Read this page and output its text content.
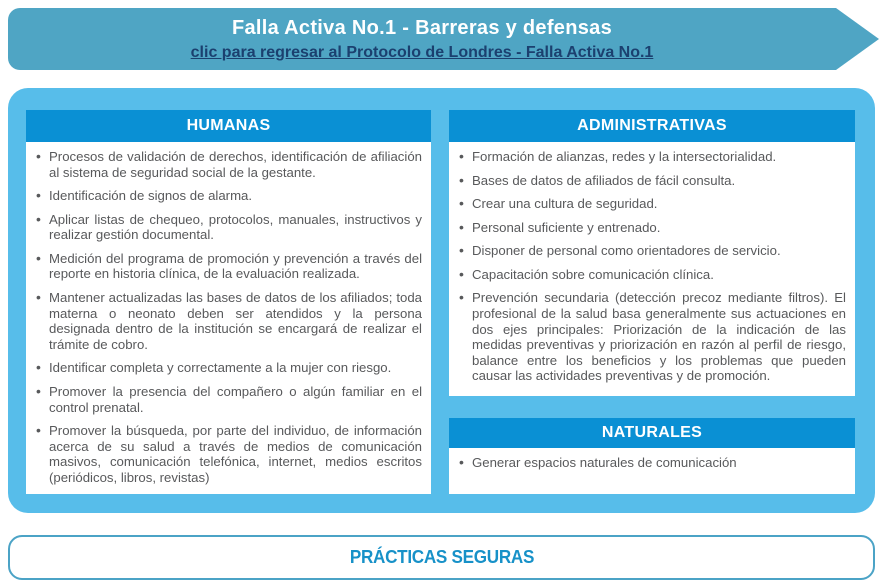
Falla Activa No.1 - Barreras y defensas
clic para regresar al Protocolo de Londres - Falla Activa No.1
HUMANAS
• Procesos de validación de derechos, identificación de afiliación al sistema de seguridad social de la gestante.
• Identificación de signos de alarma.
• Aplicar listas de chequeo, protocolos, manuales, instructivos y realizar gestión documental.
• Medición del programa de promoción y prevención a través del reporte en historia clínica, de la evaluación realizada.
• Mantener actualizadas las bases de datos de los afiliados; toda materna o neonato deben ser atendidos y la persona designada dentro de la institución se encargará de realizar el trámite de cobro.
• Identificar completa y correctamente a la mujer con riesgo.
• Promover la presencia del compañero o algún familiar en el control prenatal.
• Promover la búsqueda, por parte del individuo, de información acerca de su salud a través de medios de comunicación masivos, comunicación telefónica, internet, medios escritos (periódicos, libros, revistas)
ADMINISTRATIVAS
• Formación de alianzas, redes y la intersectorialidad.
• Bases de datos de afiliados de fácil consulta.
• Crear una cultura de seguridad.
• Personal suficiente y entrenado.
• Disponer de personal como orientadores de servicio.
• Capacitación sobre comunicación clínica.
• Prevención secundaria (detección precoz mediante filtros). El profesional de la salud basa generalmente sus actuaciones en dos ejes principales: Priorización de la indicación de las medidas preventivas y priorización en razón al perfil de riesgo, balance entre los beneficios y los problemas que pueden causar las actividades preventivas y de promoción.
NATURALES
• Generar espacios naturales de comunicación
PRÁCTICAS SEGURAS
